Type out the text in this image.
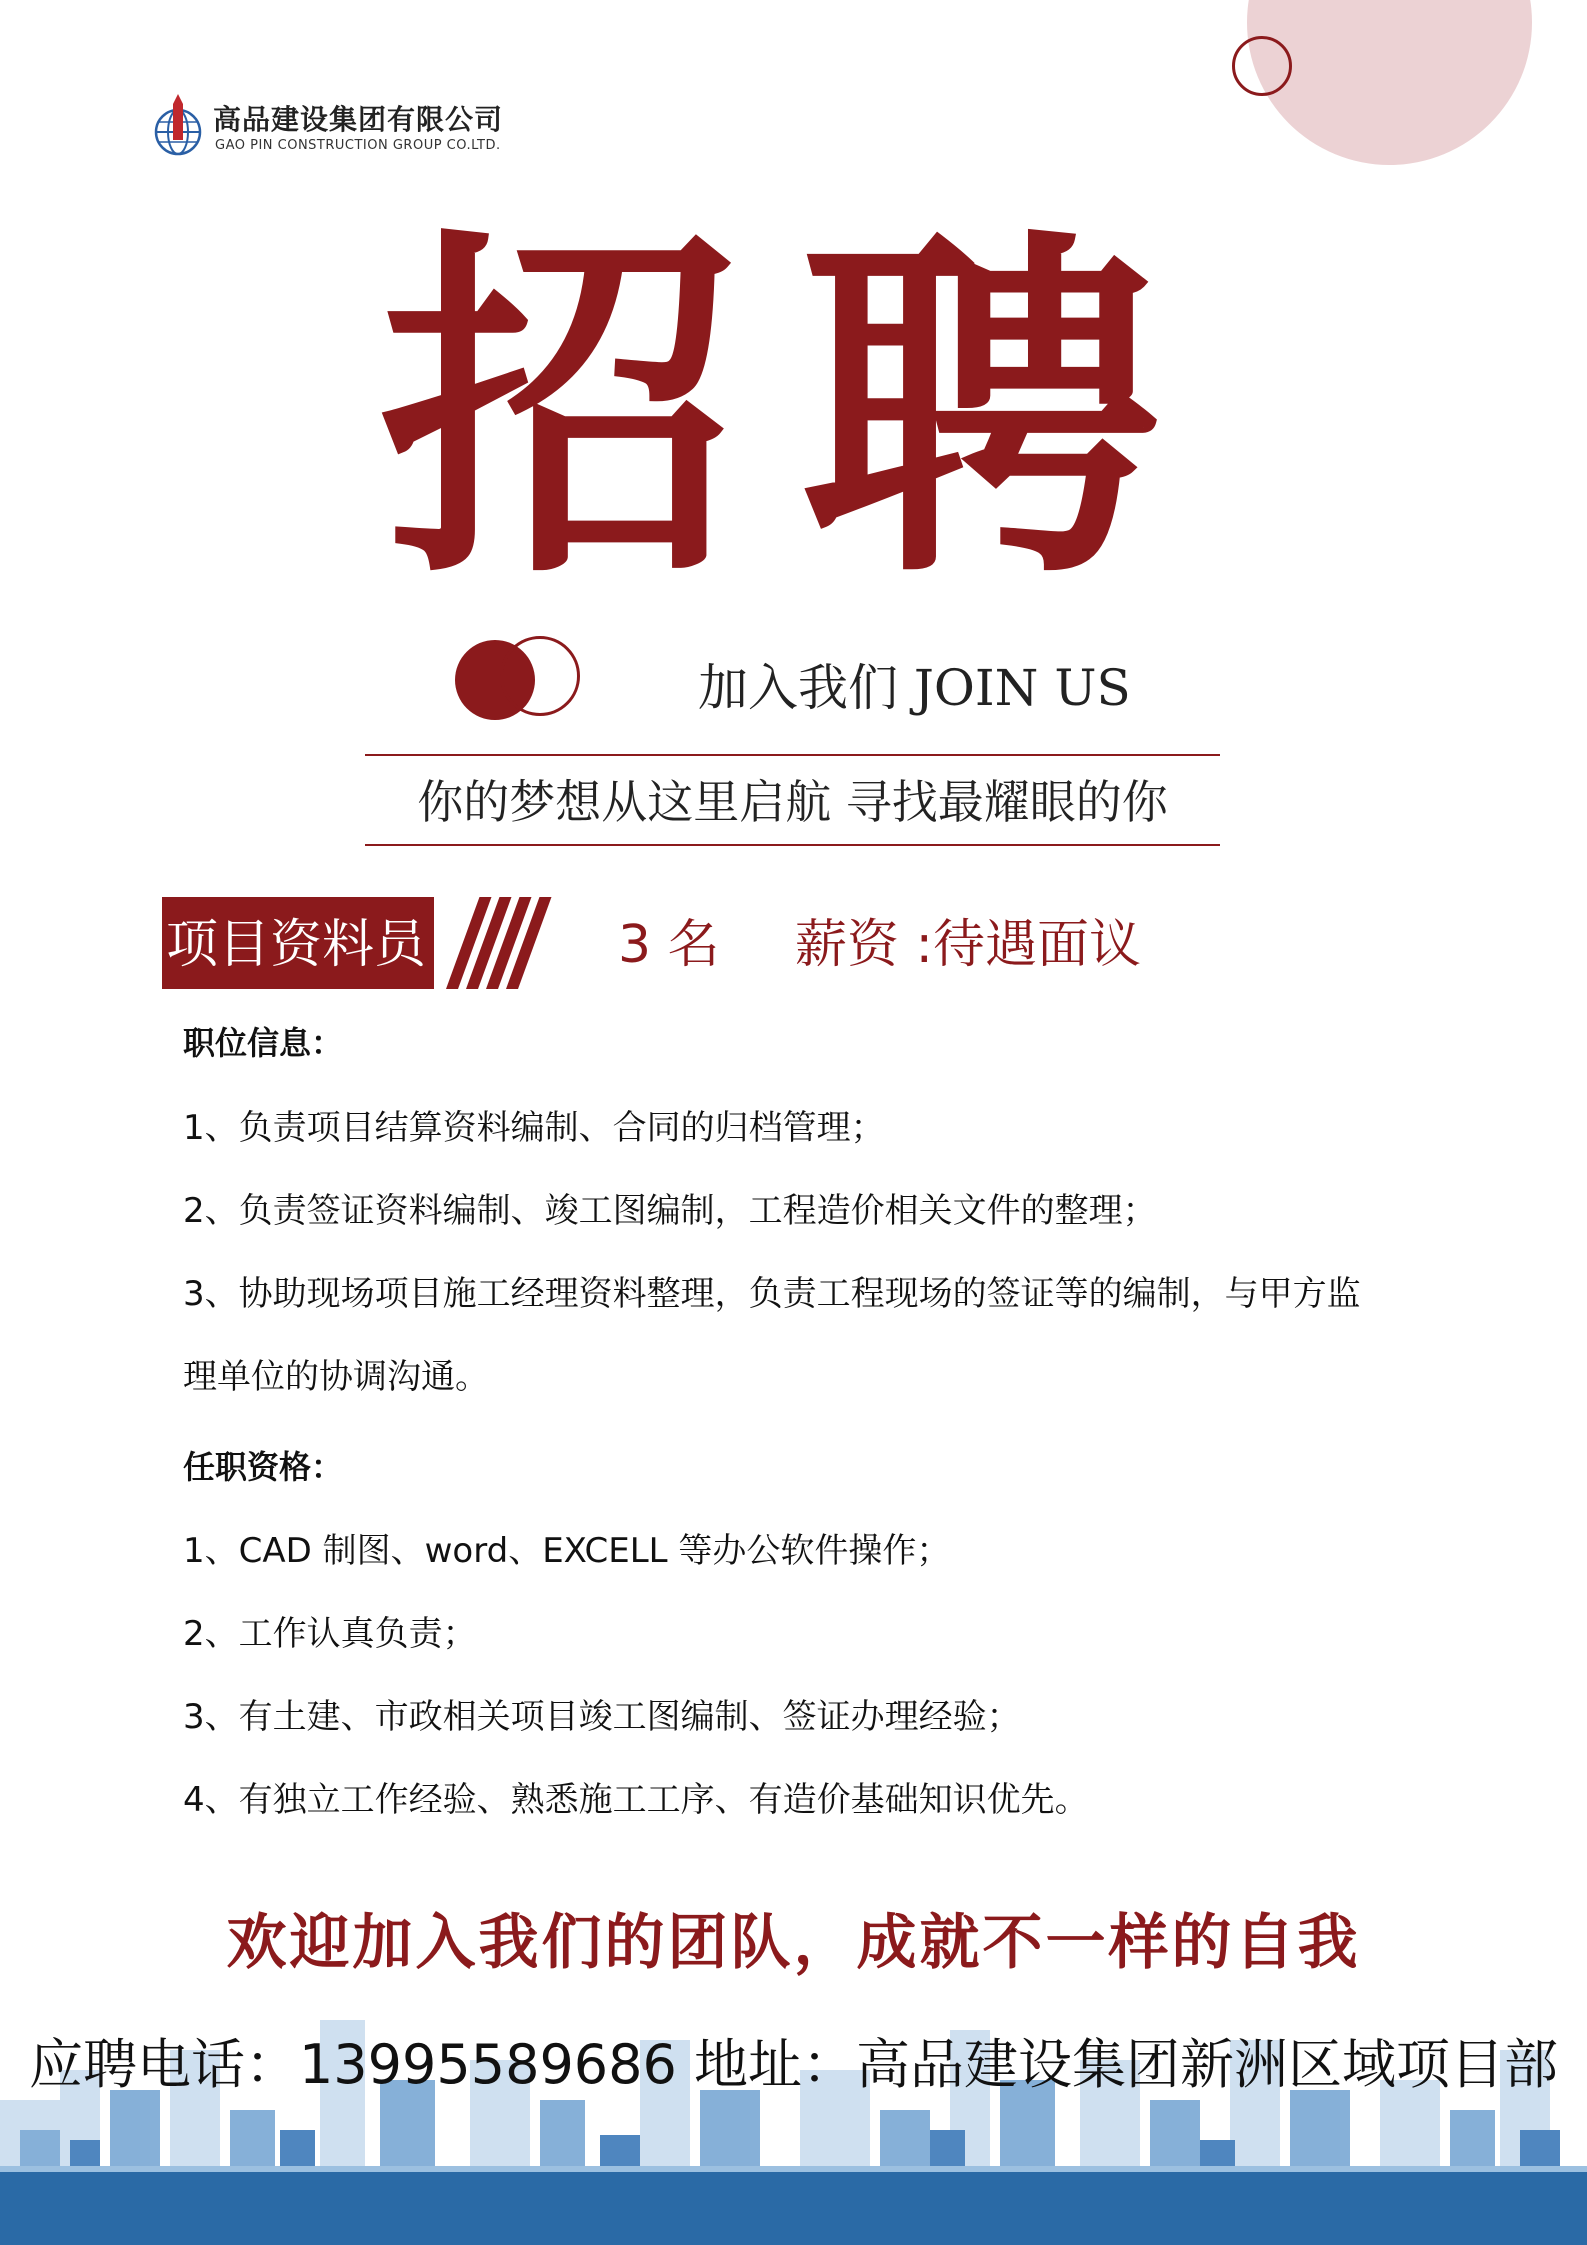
高品建设集团有限公司
GAO PIN CONSTRUCTION GROUP CO.LTD.
招聘
加入我们 JOIN US
你的梦想从这里启航 寻找最耀眼的你
项目资料员	3 名 薪资 :待遇面议
职位信息：
1、负责项目结算资料编制、合同的归档管理；
2、负责签证资料编制、竣工图编制，工程造价相关文件的整理；
3、协助现场项目施工经理资料整理，负责工程现场的签证等的编制，与甲方监
理单位的协调沟通。
任职资格：
1、CAD 制图、word、EXCELL 等办公软件操作；
2、工作认真负责；
3、有土建、市政相关项目竣工图编制、签证办理经验；
4、有独立工作经验、熟悉施工工序、有造价基础知识优先。
欢迎加入我们的团队，成就不一样的自我
应聘电话：13995589686 地址：高品建设集团新洲区域项目部
